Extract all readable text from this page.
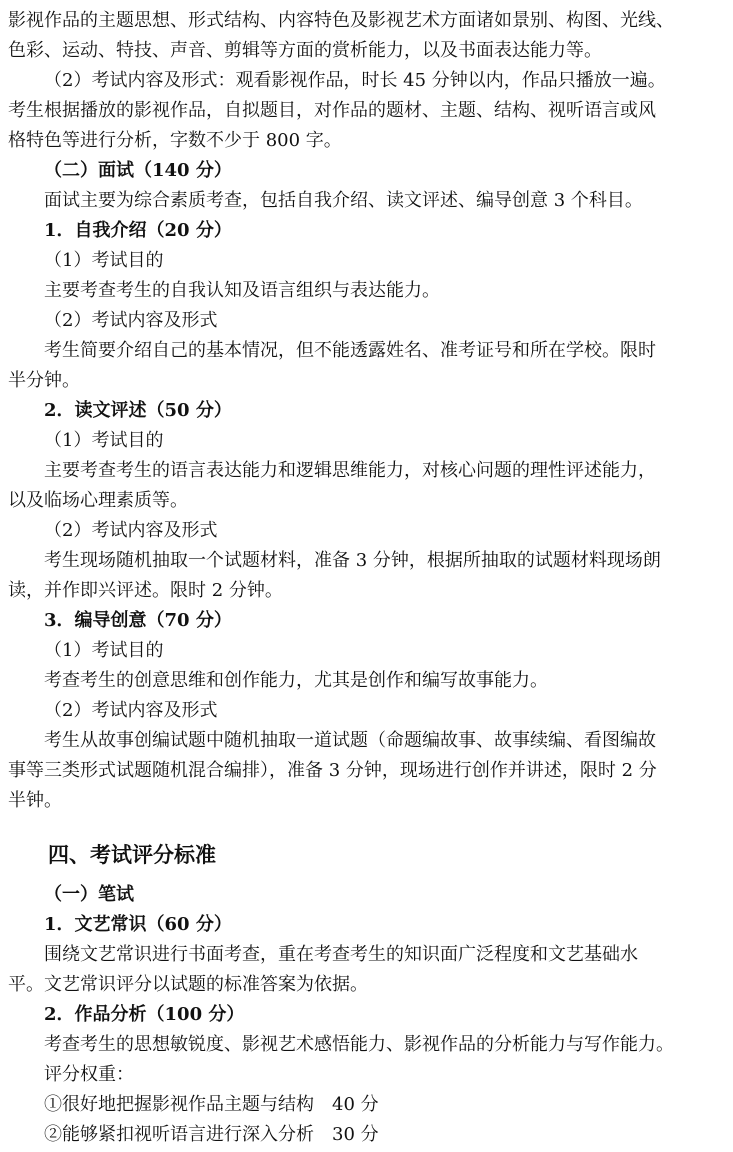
影视作品的主题思想、形式结构、内容特色及影视艺术方面诸如景别、构图、光线、
色彩、运动、特技、声音、剪辑等方面的赏析能力，以及书面表达能力等。
（2）考试内容及形式：观看影视作品，时长 45 分钟以内，作品只播放一遍。
考生根据播放的影视作品，自拟题目，对作品的题材、主题、结构、视听语言或风
格特色等进行分析，字数不少于 800 字。
（二）面试（140 分）
面试主要为综合素质考查，包括自我介绍、读文评述、编导创意 3 个科目。
1．自我介绍（20 分）
（1）考试目的
主要考查考生的自我认知及语言组织与表达能力。
（2）考试内容及形式
考生简要介绍自己的基本情况，但不能透露姓名、准考证号和所在学校。限时
半分钟。
2．读文评述（50 分）
（1）考试目的
主要考查考生的语言表达能力和逻辑思维能力，对核心问题的理性评述能力，
以及临场心理素质等。
（2）考试内容及形式
考生现场随机抽取一个试题材料，准备 3 分钟，根据所抽取的试题材料现场朗
读，并作即兴评述。限时 2 分钟。
3．编导创意（70 分）
（1）考试目的
考查考生的创意思维和创作能力，尤其是创作和编写故事能力。
（2）考试内容及形式
考生从故事创编试题中随机抽取一道试题（命题编故事、故事续编、看图编故
事等三类形式试题随机混合编排），准备 3 分钟，现场进行创作并讲述，限时 2 分
半钟。
四、考试评分标准
（一）笔试
1．文艺常识（60 分）
围绕文艺常识进行书面考查，重在考查考生的知识面广泛程度和文艺基础水
平。文艺常识评分以试题的标准答案为依据。
2．作品分析（100 分）
考查考生的思想敏锐度、影视艺术感悟能力、影视作品的分析能力与写作能力。
评分权重：
①很好地把握影视作品主题与结构　40 分
②能够紧扣视听语言进行深入分析　30 分
